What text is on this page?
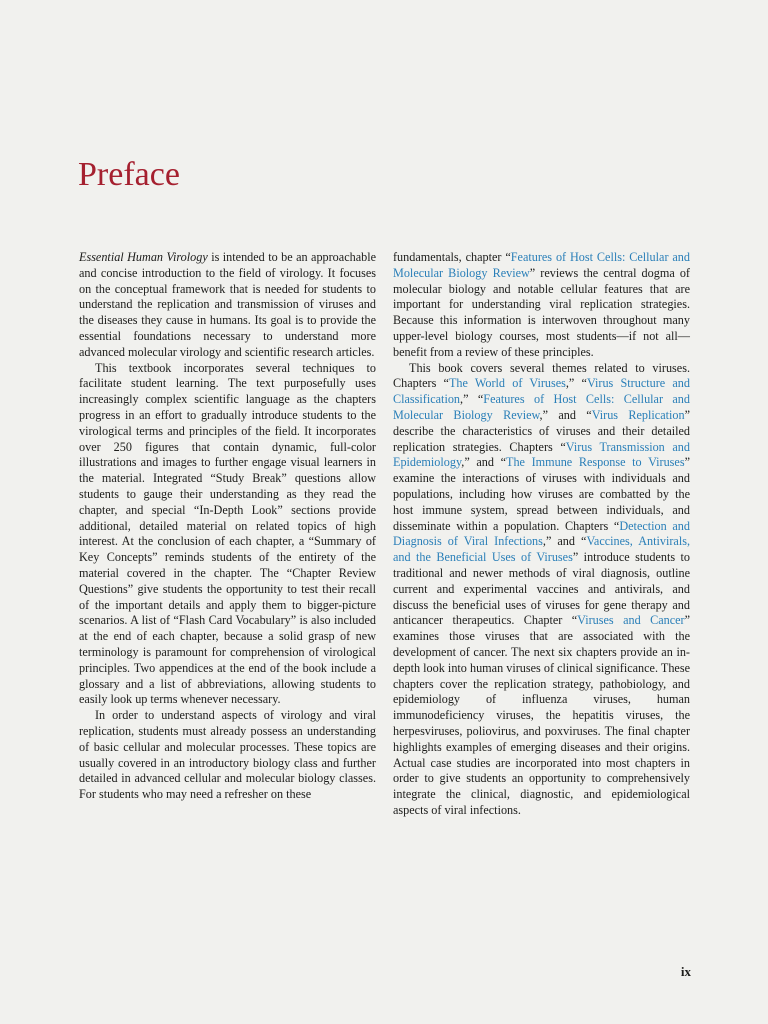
Preface

Essential Human Virology is intended to be an approachable and concise introduction to the field of virology. It focuses on the conceptual framework that is needed for students to understand the replication and transmission of viruses and the diseases they cause in humans. Its goal is to provide the essential foundations necessary to understand more advanced molecular virology and scientific research articles.

This textbook incorporates several techniques to facilitate student learning. The text purposefully uses increasingly complex scientific language as the chapters progress in an effort to gradually introduce students to the virological terms and principles of the field. It incorporates over 250 figures that contain dynamic, full-color illustrations and images to further engage visual learners in the material. Integrated “Study Break” questions allow students to gauge their understanding as they read the chapter, and special “In-Depth Look” sections provide additional, detailed material on related topics of high interest. At the conclusion of each chapter, a “Summary of Key Concepts” reminds students of the entirety of the material covered in the chapter. The “Chapter Review Questions” give students the opportunity to test their recall of the important details and apply them to bigger-picture scenarios. A list of “Flash Card Vocabulary” is also included at the end of each chapter, because a solid grasp of new terminology is paramount for comprehension of virological principles. Two appendices at the end of the book include a glossary and a list of abbreviations, allowing students to easily look up terms whenever necessary.

In order to understand aspects of virology and viral replication, students must already possess an understanding of basic cellular and molecular processes. These topics are usually covered in an introductory biology class and further detailed in advanced cellular and molecular biology classes. For students who may need a refresher on these

fundamentals, chapter “Features of Host Cells: Cellular and Molecular Biology Review” reviews the central dogma of molecular biology and notable cellular features that are important for understanding viral replication strategies. Because this information is interwoven throughout many upper-level biology courses, most students—if not all—benefit from a review of these principles.

This book covers several themes related to viruses. Chapters “The World of Viruses,” “Virus Structure and Classification,” “Features of Host Cells: Cellular and Molecular Biology Review,” and “Virus Replication” describe the characteristics of viruses and their detailed replication strategies. Chapters “Virus Transmission and Epidemiology,” and “The Immune Response to Viruses” examine the interactions of viruses with individuals and populations, including how viruses are combatted by the host immune system, spread between individuals, and disseminate within a population. Chapters “Detection and Diagnosis of Viral Infections,” and “Vaccines, Antivirals, and the Beneficial Uses of Viruses” introduce students to traditional and newer methods of viral diagnosis, outline current and experimental vaccines and antivirals, and discuss the beneficial uses of viruses for gene therapy and anticancer therapeutics. Chapter “Viruses and Cancer” examines those viruses that are associated with the development of cancer. The next six chapters provide an in-depth look into human viruses of clinical significance. These chapters cover the replication strategy, pathobiology, and epidemiology of influenza viruses, human immunodeficiency viruses, the hepatitis viruses, the herpesviruses, poliovirus, and poxviruses. The final chapter highlights examples of emerging diseases and their origins. Actual case studies are incorporated into most chapters in order to give students an opportunity to comprehensively integrate the clinical, diagnostic, and epidemiological aspects of viral infections.

ix
